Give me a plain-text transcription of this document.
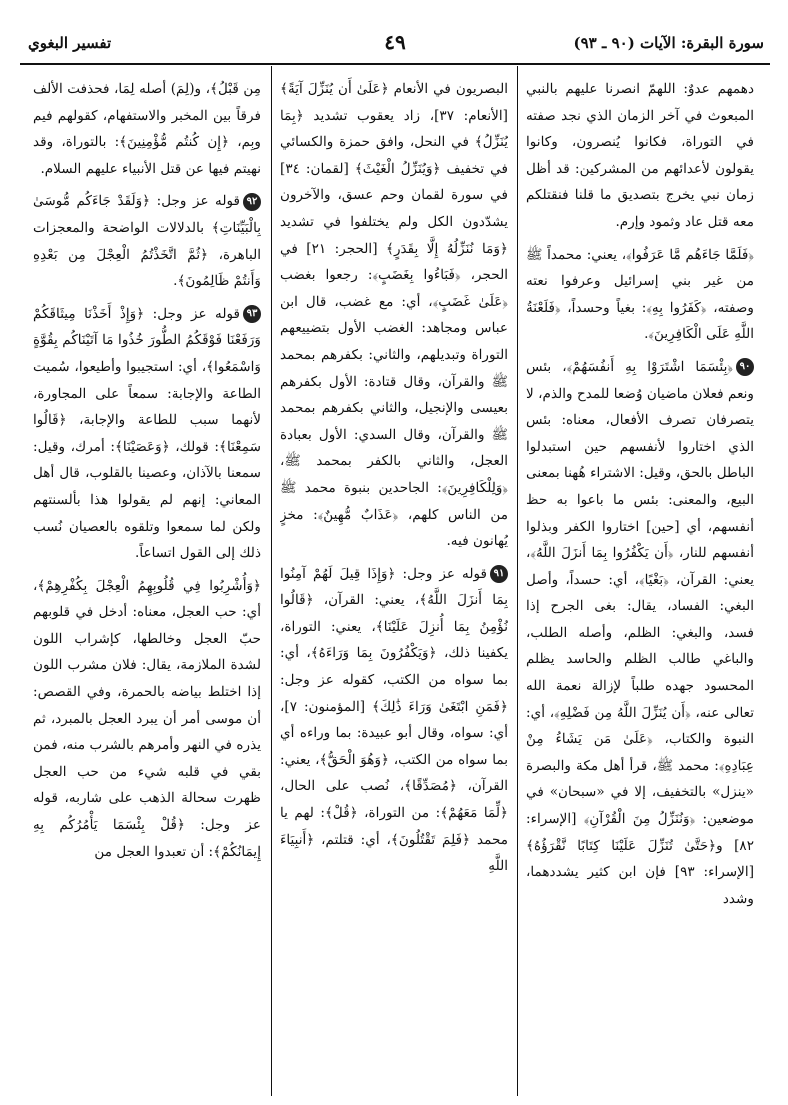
سورة البقرة: الآيات (٩٠ ـ ٩٣)
٤٩
تفسير البغوي

دهمهم عدوٌ: اللهمّ انصرنا عليهم بالنبي المبعوث في آخر الزمان الذي نجد صفته في التوراة، فكانوا يُنصرون، وكانوا يقولون لأعدائهم من المشركين: قد أظل زمان نبي يخرج بتصديق ما قلنا فنقتلكم معه قتل عاد وثمود وإرم.

﴿فَلَمَّا جَاءَهُم مَّا عَرَفُوا﴾، يعني: محمداً ﷺ من غير بني إسرائيل وعرفوا نعته وصفته، ﴿كَفَرُوا بِهِ﴾: بغياً وحسداً، ﴿فَلَعْنَةُ اللَّهِ عَلَى الْكَافِرِينَ﴾.

٩٠﴿بِئْسَمَا اشْتَرَوْا بِهِ أَنفُسَهُمْ﴾، بئس ونعم فعلان ماضيان وُضعا للمدح والذم، لا يتصرفان تصرف الأفعال، معناه: بئس الذي اختاروا لأنفسهم حين استبدلوا الباطل بالحق، وقيل: الاشتراء هُهنا بمعنى البيع، والمعنى: بئس ما باعوا به حظ أنفسهم، أي [حين] اختاروا الكفر وبذلوا أنفسهم للنار، ﴿أَن يَكْفُرُوا بِمَا أَنزَلَ اللَّهُ﴾، يعني: القرآن، ﴿بَغْيًا﴾، أي: حسداً، وأصل البغي: الفساد، يقال: بغى الجرح إذا فسد، والبغي: الظلم، وأصله الطلب، والباغي طالب الظلم والحاسد يظلم المحسود جهده طلباً لإزالة نعمة الله تعالى عنه، ﴿أَن يُنَزِّلَ اللَّهُ مِن فَضْلِهِ﴾، أي: النبوة والكتاب، ﴿عَلَىٰ مَن يَشَاءُ مِنْ عِبَادِهِ﴾: محمد ﷺ، قرأ أهل مكة والبصرة «ينزل» بالتخفيف، إلا في «سبحان» في موضعين: ﴿وَنُنَزِّلُ مِنَ الْقُرْآنِ﴾ [الإسراء: ٨٢] و﴿حَتَّىٰ تُنَزِّلَ عَلَيْنَا كِتَابًا نَّقْرَؤُهُ﴾ [الإسراء: ٩٣] فإن ابن كثير يشددهما، وشدد

البصريون في الأنعام ﴿عَلَىٰ أَن يُنَزِّلَ آيَةً﴾ [الأنعام: ٣٧]، زاد يعقوب تشديد ﴿بِمَا يُنَزِّلُ﴾ في النحل، وافق حمزة والكسائي في تخفيف ﴿وَيُنَزِّلُ الْغَيْثَ﴾ [لقمان: ٣٤] في سورة لقمان وحم عسق، والآخرون يشدّدون الكل ولم يختلفوا في تشديد ﴿وَمَا نُنَزِّلُهُ إِلَّا بِقَدَرٍ﴾ [الحجر: ٢١] في الحجر، ﴿فَبَاءُوا بِغَضَبٍ﴾: رجعوا بغضب ﴿عَلَىٰ غَضَبٍ﴾، أي: مع غضب، قال ابن عباس ومجاهد: الغضب الأول بتضييعهم التوراة وتبديلهم، والثاني: بكفرهم بمحمد ﷺ والقرآن، وقال قتادة: الأول بكفرهم بعيسى والإنجيل، والثاني بكفرهم بمحمد ﷺ والقرآن، وقال السدي: الأول بعبادة العجل، والثاني بالكفر بمحمد ﷺ، ﴿وَلِلْكَافِرِينَ﴾: الجاحدين بنبوة محمد ﷺ من الناس كلهم، ﴿عَذَابٌ مُّهِينٌ﴾: مخزٍ يُهانون فيه.

٩١قوله عز وجل: ﴿وَإِذَا قِيلَ لَهُمْ آمِنُوا بِمَا أَنزَلَ اللَّهُ﴾، يعني: القرآن، ﴿قَالُوا نُؤْمِنُ بِمَا أُنزِلَ عَلَيْنَا﴾، يعني: التوراة، يكفينا ذلك، ﴿وَيَكْفُرُونَ بِمَا وَرَاءَهُ﴾، أي: بما سواه من الكتب، كقوله عز وجل: ﴿فَمَنِ ابْتَغَىٰ وَرَاءَ ذَٰلِكَ﴾ [المؤمنون: ٧]، أي: سواه، وقال أبو عبيدة: بما وراءه أي بما سواه من الكتب، ﴿وَهُوَ الْحَقُّ﴾، يعني: القرآن، ﴿مُصَدِّقًا﴾، نُصب على الحال، ﴿لِّمَا مَعَهُمْ﴾: من التوراة، ﴿قُلْ﴾: لهم يا محمد ﴿فَلِمَ تَقْتُلُونَ﴾، أي: قتلتم، ﴿أَنبِيَاءَ اللَّهِ

مِن قَبْلُ﴾، و(لِمَ) أصله لِمَا، فحذفت الألف فرقاً بين المخبر والاستفهام، كقولهم فيم وبِم، ﴿إِن كُنتُم مُّؤْمِنِينَ﴾: بالتوراة، وقد نهيتم فيها عن قتل الأنبياء عليهم السلام.

٩٢قوله عز وجل: ﴿وَلَقَدْ جَاءَكُم مُّوسَىٰ بِالْبَيِّنَاتِ﴾ بالدلالات الواضحة والمعجزات الباهرة، ﴿ثُمَّ اتَّخَذْتُمُ الْعِجْلَ مِن بَعْدِهِ وَأَنتُمْ ظَالِمُونَ﴾.

٩٣قوله عز وجل: ﴿وَإِذْ أَخَذْنَا مِيثَاقَكُمْ وَرَفَعْنَا فَوْقَكُمُ الطُّورَ خُذُوا مَا آتَيْنَاكُم بِقُوَّةٍ وَاسْمَعُوا﴾، أي: استجيبوا وأطيعوا، سُميت الطاعة والإجابة: سمعاً على المجاورة، لأنهما سبب للطاعة والإجابة، ﴿قَالُوا سَمِعْنَا﴾: قولك، ﴿وَعَصَيْنَا﴾: أمرك، وقيل: سمعنا بالآذان، وعصينا بالقلوب، قال أهل المعاني: إنهم لم يقولوا هذا بألسنتهم ولكن لما سمعوا وتلقوه بالعصيان نُسب ذلك إلى القول اتساعاً.

﴿وَأُشْرِبُوا فِي قُلُوبِهِمُ الْعِجْلَ بِكُفْرِهِمْ﴾، أي: حب العجل، معناه: أدخل في قلوبهم حبّ العجل وخالطها، كإشراب اللون لشدة الملازمة، يقال: فلان مشرب اللون إذا اختلط بياضه بالحمرة، وفي القصص: أن موسى أمر أن يبرد العجل بالمبرد، ثم يذره في النهر وأمرهم بالشرب منه، فمن بقي في قلبه شيء من حب العجل ظهرت سحالة الذهب على شاربه، قوله عز وجل: ﴿قُلْ بِئْسَمَا يَأْمُرُكُم بِهِ إِيمَانُكُمْ﴾: أن تعبدوا العجل من
